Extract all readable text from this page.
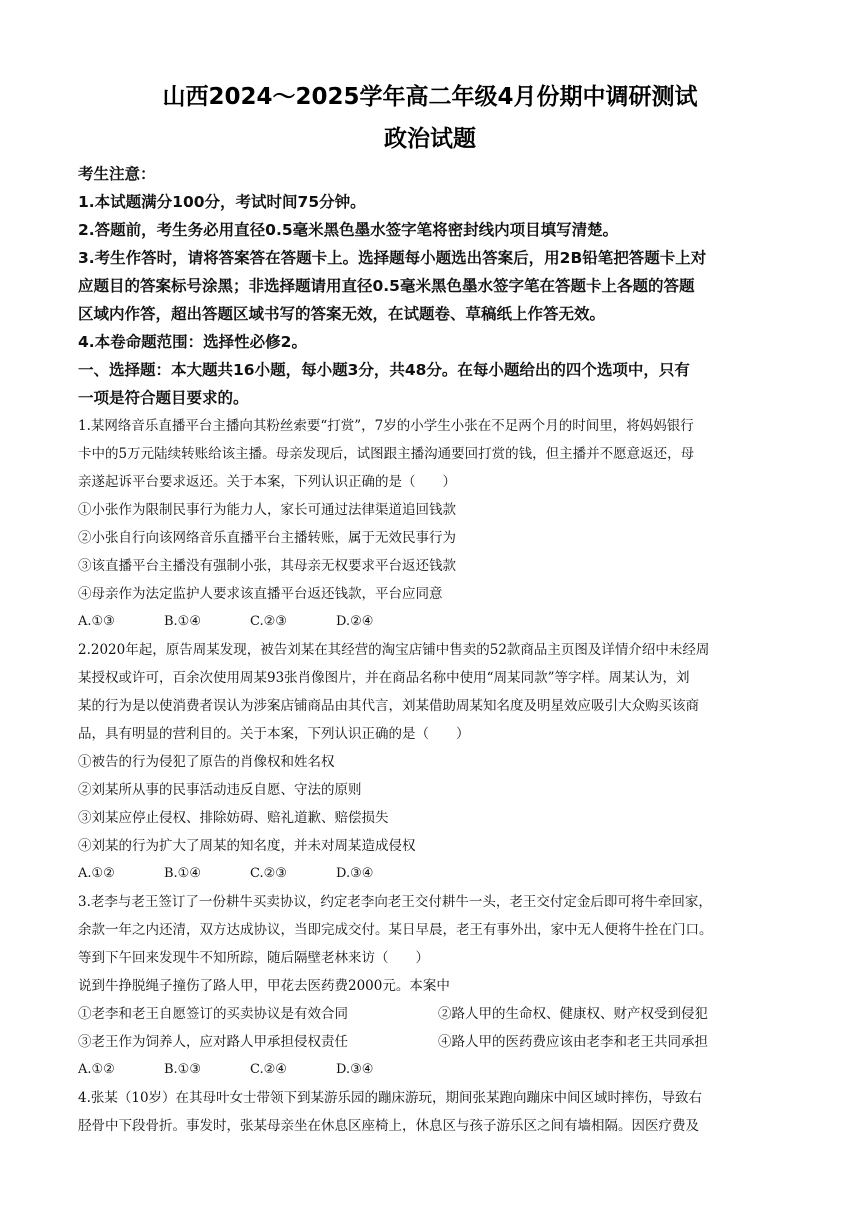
山西2024～2025学年高二年级4月份期中调研测试
政治试题
考生注意：
1.本试题满分100分，考试时间75分钟。
2.答题前，考生务必用直径0.5毫米黑色墨水签字笔将密封线内项目填写清楚。
3.考生作答时，请将答案答在答题卡上。选择题每小题选出答案后，用2B铅笔把答题卡上对
应题目的答案标号涂黑；非选择题请用直径0.5毫米黑色墨水签字笔在答题卡上各题的答题
区域内作答，超出答题区域书写的答案无效，在试题卷、草稿纸上作答无效。
4.本卷命题范围：选择性必修2。
一、选择题：本大题共16小题，每小题3分，共48分。在每小题给出的四个选项中，只有
一项是符合题目要求的。
1.某网络音乐直播平台主播向其粉丝索要“打赏”，7岁的小学生小张在不足两个月的时间里，将妈妈银行
卡中的5万元陆续转账给该主播。母亲发现后，试图跟主播沟通要回打赏的钱，但主播并不愿意返还，母
亲遂起诉平台要求返还。关于本案，下列认识正确的是（　　）
①小张作为限制民事行为能力人，家长可通过法律渠道追回钱款
②小张自行向该网络音乐直播平台主播转账，属于无效民事行为
③该直播平台主播没有强制小张，其母亲无权要求平台返还钱款
④母亲作为法定监护人要求该直播平台返还钱款，平台应同意
A.①③	B.①④	C.②③	D.②④
2.2020年起，原告周某发现，被告刘某在其经营的淘宝店铺中售卖的52款商品主页图及详情介绍中未经周
某授权或许可，百余次使用周某93张肖像图片，并在商品名称中使用“周某同款”等字样。周某认为，刘
某的行为是以使消费者误认为涉案店铺商品由其代言，刘某借助周某知名度及明星效应吸引大众购买该商
品，具有明显的营利目的。关于本案，下列认识正确的是（　　）
①被告的行为侵犯了原告的肖像权和姓名权
②刘某所从事的民事活动违反自愿、守法的原则
③刘某应停止侵权、排除妨碍、赔礼道歉、赔偿损失
④刘某的行为扩大了周某的知名度，并未对周某造成侵权
A.①②	B.①④	C.②③	D.③④
3.老李与老王签订了一份耕牛买卖协议，约定老李向老王交付耕牛一头，老王交付定金后即可将牛牵回家，
余款一年之内还清，双方达成协议，当即完成交付。某日早晨，老王有事外出，家中无人便将牛拴在门口。
等到下午回来发现牛不知所踪，随后隔壁老林来访（　　）
说到牛挣脱绳子撞伤了路人甲，甲花去医药费2000元。本案中
①老李和老王自愿签订的买卖协议是有效合同	②路人甲的生命权、健康权、财产权受到侵犯
③老王作为饲养人，应对路人甲承担侵权责任	④路人甲的医药费应该由老李和老王共同承担
A.①②	B.①③	C.②④	D.③④
4.张某（10岁）在其母叶女士带领下到某游乐园的蹦床游玩，期间张某跑向蹦床中间区域时摔伤，导致右
胫骨中下段骨折。事发时，张某母亲坐在休息区座椅上，休息区与孩子游乐区之间有墙相隔。因医疗费及
